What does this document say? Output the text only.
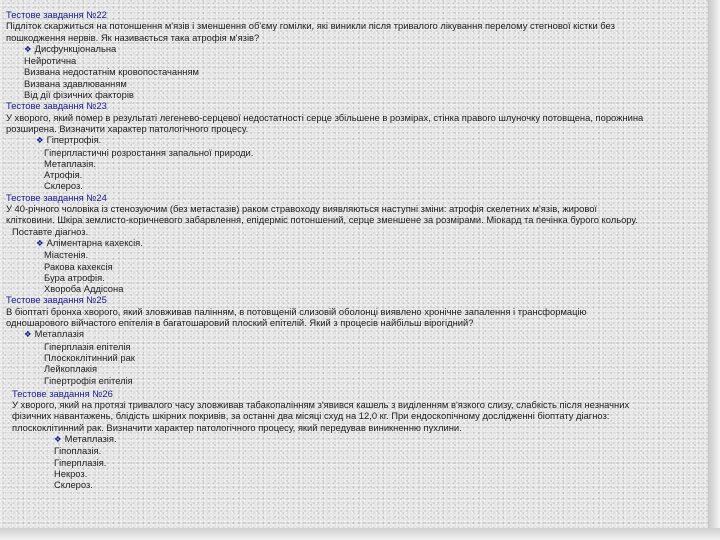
Тестове завдання №22
Підліток скаржиться на потоншення м'язів і зменшення об'єму гомілки, які виникли після тривалого лікування перелому стегнової кістки без
пошкодження нервів. Як називається така атрофія м'язів?
❖ Дисфункціональна
Нейротична
Визвана недостатнім кровопостачанням
Визвана здавлюванням
Від дії фізичних факторів
Тестове завдання №23
У хворого, який помер в результаті легенево-серцевої недостатності серце збільшене в розмірах, стінка правого шлуночку потовщена, порожнина
розширена. Визначити характер патологічного процесу.
❖ Гіпертрофія.
Гіперпластичні розростання запальної природи.
Метаплазія.
Атрофія.
Склероз.
Тестове завдання №24
У 40-річного чоловіка із стенозуючим (без метастазів) раком стравоходу виявляються наступні зміни: атрофія скелетних м'язів, жирової
клітковини. Шкіра землисто-коричневого забарвлення, епідерміс потоншений, серце зменшене за розмірами. Міокард та печінка бурого кольору.
Поставте діагноз.
❖ Аліментарна кахексія.
Міастенія.
Ракова кахексія
Бура атрофія.
Хвороба Аддісона
Тестове завдання №25
В біоптаті бронха хворого, який зловживав палінням, в потовщеній слизовій оболонці виявлено хронічне запалення і трансформацію
одношарового війчастого епітелія в багатошаровий плоский епітелій. Який з процесів найбільш вірогідний?
❖ Метаплазія
Гіперплазія епітелія
Плоскоклітинний рак
Лейкоплакія
Гіпертрофія епітелія
Тестове завдання №26
У хворого, який на протязі тривалого часу зловживав табакопалінням з'явився кашель з виділенням в'язкого слизу, слабкість після незначних
фізичних навантажень, блідість шкірних покривів, за останні два місяці схуд на 12,0 кг. При ендоскопічному дослідженні біоптату діагноз:
плоскоклітинний рак. Визначити характер патологічного процесу, який передував виникненню пухлини.
❖ Метаплазія.
Гіпоплазія.
Гіперплазія.
Некроз.
Склероз.
